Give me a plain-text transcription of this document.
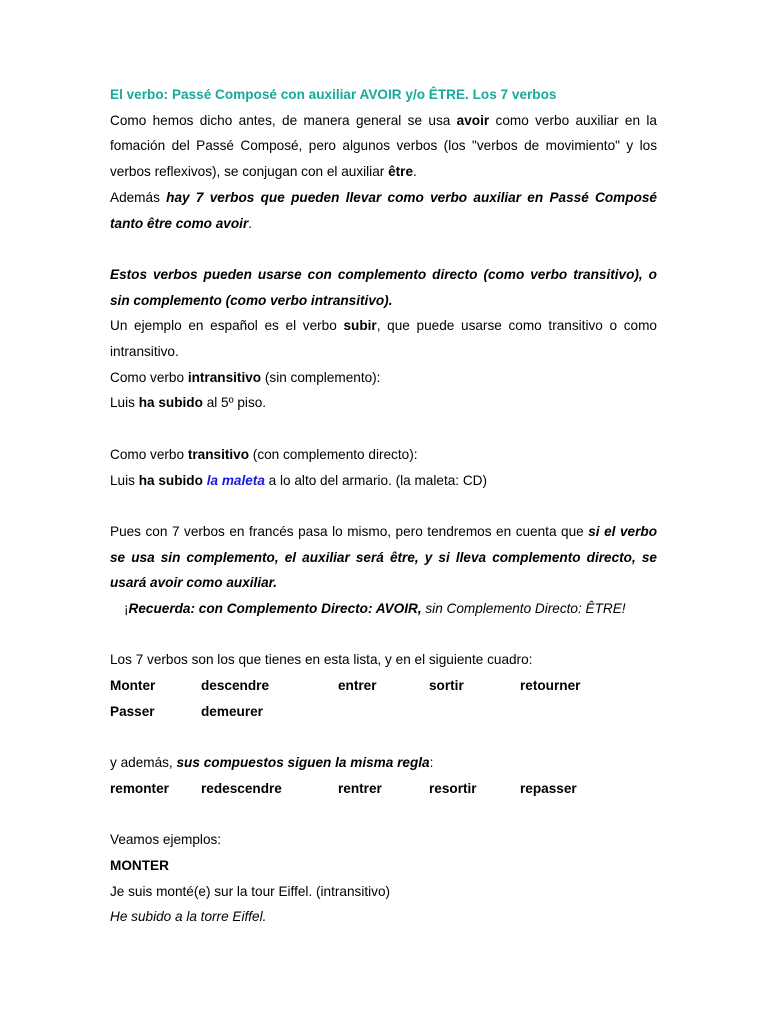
El verbo: Passé Composé con auxiliar AVOIR y/o ÊTRE. Los 7 verbos

Como hemos dicho antes, de manera general se usa avoir como verbo auxiliar en la fomación del Passé Composé, pero algunos verbos (los "verbos de movimiento" y los verbos reflexivos), se conjugan con el auxiliar être.

Además hay 7 verbos que pueden llevar como verbo auxiliar en Passé Composé tanto être como avoir.

Estos verbos pueden usarse con complemento directo (como verbo transitivo), o sin complemento (como verbo intransitivo).

Un ejemplo en español es el verbo subir, que puede usarse como transitivo o como intransitivo.

Como verbo intransitivo (sin complemento):

Luis ha subido al 5º piso.

Como verbo transitivo (con complemento directo):

Luis ha subido la maleta a lo alto del armario. (la maleta: CD)

Pues con 7 verbos en francés pasa lo mismo, pero tendremos en cuenta que si el verbo se usa sin complemento, el auxiliar será être, y si lleva complemento directo, se usará avoir como auxiliar.

¡Recuerda: con Complemento Directo: AVOIR, sin Complemento Directo: ÊTRE!

Los 7 verbos son los que tienes en esta lista, y en el siguiente cuadro:

Monter	descendre	entrer	sortir	retourner
Passer	demeurer

y además, sus compuestos siguen la misma regla:

remonter	redescendre	rentrer	resortir	repasser

Veamos ejemplos:

MONTER

Je suis monté(e) sur la tour Eiffel. (intransitivo)

He subido a la torre Eiffel.
